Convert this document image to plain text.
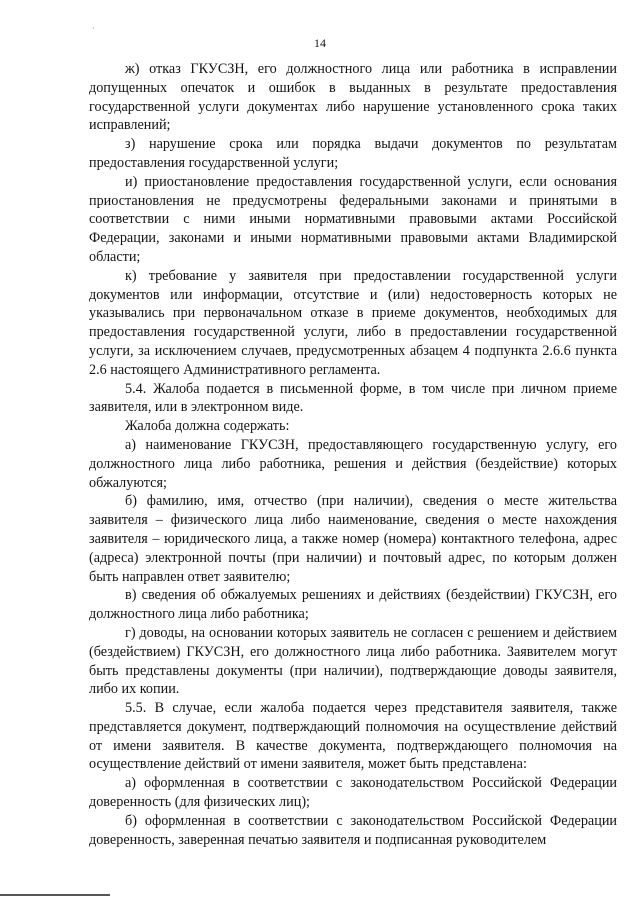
·
14

ж) отказ ГКУСЗН, его должностного лица или работника в исправлении допущенных опечаток и ошибок в выданных в результате предоставления государственной услуги документах либо нарушение установленного срока таких исправлений;

з) нарушение срока или порядка выдачи документов по результатам предоставления государственной услуги;

и) приостановление предоставления государственной услуги, если основания приостановления не предусмотрены федеральными законами и принятыми в соответствии с ними иными нормативными правовыми актами Российской Федерации, законами и иными нормативными правовыми актами Владимирской области;

к) требование у заявителя при предоставлении государственной услуги документов или информации, отсутствие и (или) недостоверность которых не указывались при первоначальном отказе в приеме документов, необходимых для предоставления государственной услуги, либо в предоставлении государственной услуги, за исключением случаев, предусмотренных абзацем 4 подпункта 2.6.6 пункта 2.6 настоящего Административного регламента.

5.4. Жалоба подается в письменной форме, в том числе при личном приеме заявителя, или в электронном виде.

Жалоба должна содержать:

а) наименование ГКУСЗН, предоставляющего государственную услугу, его должностного лица либо работника, решения и действия (бездействие) которых обжалуются;

б) фамилию, имя, отчество (при наличии), сведения о месте жительства заявителя – физического лица либо наименование, сведения о месте нахождения заявителя – юридического лица, а также номер (номера) контактного телефона, адрес (адреса) электронной почты (при наличии) и почтовый адрес, по которым должен быть направлен ответ заявителю;

в) сведения об обжалуемых решениях и действиях (бездействии) ГКУСЗН, его должностного лица либо работника;

г) доводы, на основании которых заявитель не согласен с решением и действием (бездействием) ГКУСЗН, его должностного лица либо работника. Заявителем могут быть представлены документы (при наличии), подтверждающие доводы заявителя, либо их копии.

5.5. В случае, если жалоба подается через представителя заявителя, также представляется документ, подтверждающий полномочия на осуществление действий от имени заявителя. В качестве документа, подтверждающего полномочия на осуществление действий от имени заявителя, может быть представлена:

а) оформленная в соответствии с законодательством Российской Федерации доверенность (для физических лиц);

б) оформленная в соответствии с законодательством Российской Федерации доверенность, заверенная печатью заявителя и подписанная руководителем
